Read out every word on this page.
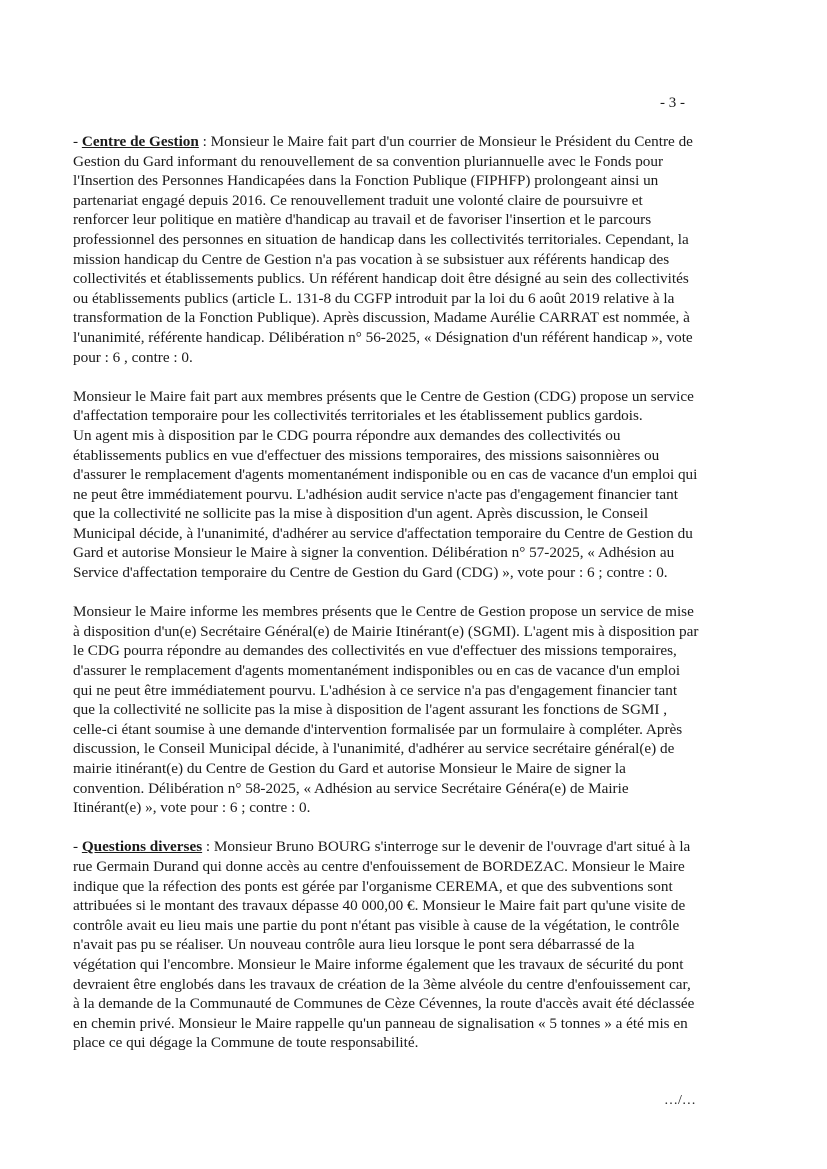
- 3 -
- Centre de Gestion : Monsieur le Maire fait part d'un courrier de Monsieur le Président du Centre de
Gestion du Gard informant du renouvellement de sa convention pluriannuelle avec le Fonds pour
l'Insertion des Personnes Handicapées dans la Fonction Publique (FIPHFP) prolongeant ainsi un
partenariat engagé depuis 2016. Ce renouvellement traduit une volonté claire de poursuivre et
renforcer leur politique en matière d'handicap au travail et de favoriser l'insertion et le parcours
professionnel des personnes en situation de handicap dans les collectivités territoriales. Cependant, la
mission handicap du Centre de Gestion n'a pas vocation à se subsistuer aux référents handicap des
collectivités et établissements publics. Un référent handicap doit être désigné au sein des collectivités
ou établissements publics (article L. 131-8 du CGFP introduit par la loi du 6 août 2019 relative à la
transformation de la Fonction Publique). Après discussion, Madame Aurélie CARRAT est nommée, à
l'unanimité, référente handicap. Délibération n° 56-2025, « Désignation d'un référent handicap », vote
pour : 6 , contre : 0.
Monsieur le Maire fait part aux membres présents que le Centre de Gestion (CDG) propose un service
d'affectation temporaire pour les collectivités territoriales et les établissement publics gardois.
Un agent mis à disposition par le CDG pourra répondre aux demandes des collectivités ou
établissements publics en vue d'effectuer des missions temporaires, des missions saisonnières ou
d'assurer le remplacement d'agents momentanément indisponible ou en cas de vacance d'un emploi qui
ne peut être immédiatement pourvu. L'adhésion audit service n'acte pas d'engagement financier tant
que la collectivité ne sollicite pas la mise à disposition d'un agent. Après discussion, le Conseil
Municipal décide, à l'unanimité, d'adhérer au service d'affectation temporaire du Centre de Gestion du
Gard et autorise Monsieur le Maire à signer la convention. Délibération n° 57-2025, « Adhésion au
Service d'affectation temporaire du Centre de Gestion du Gard (CDG) », vote pour : 6 ; contre : 0.
Monsieur le Maire informe les membres présents que le Centre de Gestion propose un service de mise
à disposition d'un(e) Secrétaire Général(e) de Mairie Itinérant(e) (SGMI). L'agent mis à disposition par
le CDG pourra répondre au demandes des collectivités en vue d'effectuer des missions temporaires,
d'assurer le remplacement d'agents momentanément indisponibles ou en cas de vacance d'un emploi
qui ne peut être immédiatement pourvu. L'adhésion à ce service n'a pas d'engagement financier tant
que la collectivité ne sollicite pas la mise à disposition de l'agent assurant les fonctions de SGMI ,
celle-ci étant soumise à une demande d'intervention formalisée par un formulaire à compléter. Après
discussion, le Conseil Municipal décide, à l'unanimité, d'adhérer au service secrétaire général(e) de
mairie itinérant(e) du Centre de Gestion du Gard et autorise Monsieur le Maire de signer la
convention. Délibération n° 58-2025, « Adhésion au service Secrétaire Généra(e) de Mairie
Itinérant(e) », vote pour : 6 ; contre : 0.
- Questions diverses : Monsieur Bruno BOURG s'interroge sur le devenir de l'ouvrage d'art situé à la
rue Germain Durand qui donne accès au centre d'enfouissement de BORDEZAC. Monsieur le Maire
indique que la réfection des ponts est gérée par l'organisme CEREMA, et que des subventions sont
attribuées si le montant des travaux dépasse 40 000,00 €. Monsieur le Maire fait part qu'une visite de
contrôle avait eu lieu mais une partie du pont n'étant pas visible à cause de la végétation, le contrôle
n'avait pas pu se réaliser. Un nouveau contrôle aura lieu lorsque le pont sera débarrassé de la
végétation qui l'encombre. Monsieur le Maire informe également que les travaux de sécurité du pont
devraient être englobés dans les travaux de création de la 3ème alvéole du centre d'enfouissement car,
à la demande de la Communauté de Communes de Cèze Cévennes, la route d'accès avait été déclassée
en chemin privé. Monsieur le Maire rappelle qu'un panneau de signalisation « 5 tonnes » a été mis en
place ce qui dégage la Commune de toute responsabilité.
…/…
